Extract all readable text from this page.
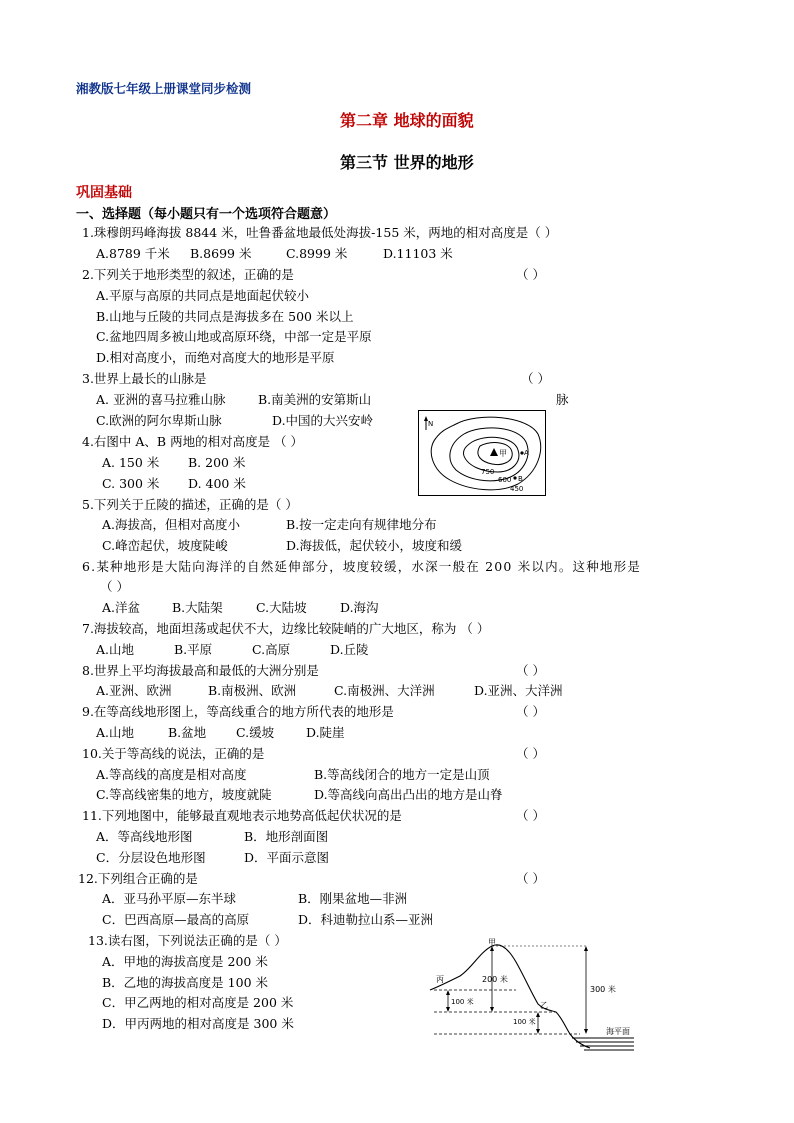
湘教版七年级上册课堂同步检测
第二章 地球的面貌
第三节 世界的地形
巩固基础
一、选择题（每小题只有一个选项符合题意）
1.珠穆朗玛峰海拔 8844 米，吐鲁番盆地最低处海拔-155 米，两地的相对高度是（ ）
A.8789 千米 B.8699 米	C.8999 米	D.11103 米
2.下列关于地形类型的叙述，正确的是	（ ）
A.平原与高原的共同点是地面起伏较小
B.山地与丘陵的共同点是海拔多在 500 米以上
C.盆地四周多被山地或高原环绕，中部一定是平原
D.相对高度小，而绝对高度大的地形是平原
3.世界上最长的山脉是	（ ）
A. 亚洲的喜马拉雅山脉	B.南美洲的安第斯山	脉
C.欧洲的阿尔卑斯山脉	D.中国的大兴安岭
4.右图中 A、B 两地的相对高度是 （ ）
A. 150 米 B. 200 米
C. 300 米 D. 400 米
N
甲 A
B
750
600
450
5.下列关于丘陵的描述，正确的是（ ）
A.海拔高，但相对高度小	B.按一定走向有规律地分布
C.峰峦起伏，坡度陡峻	D.海拔低，起伏较小，坡度和缓
6.某种地形是大陆向海洋的自然延伸部分，坡度较缓，水深一般在 200 米以内。这种地形是
（ ）
A.洋盆	B.大陆架	C.大陆坡	D.海沟
7.海拔较高，地面坦荡或起伏不大，边缘比较陡峭的广大地区，称为 （ ）
A.山地	B.平原	C.高原	D.丘陵
8.世界上平均海拔最高和最低的大洲分别是	（ ）
A.亚洲、欧洲	B.南极洲、欧洲	C.南极洲、大洋洲	D.亚洲、大洋洲
9.在等高线地形图上，等高线重合的地方所代表的地形是	（ ）
A.山地	B.盆地 C.缓坡	D.陡崖
10.关于等高线的说法，正确的是	（ ）
A.等高线的高度是相对高度	B.等高线闭合的地方一定是山顶
C.等高线密集的地方，坡度就陡	D.等高线向高出凸出的地方是山脊
11.下列地图中，能够最直观地表示地势高低起伏状况的是	（ ）
A．等高线地形图	B．地形剖面图
C．分层设色地形图	D．平面示意图
12.下列组合正确的是	（ ）
A．亚马孙平原—东半球	B．刚果盆地—非洲
C．巴西高原—最高的高原	D．科迪勒拉山系—亚洲
13.读右图，下列说法正确的是（ ）
A．甲地的海拔高度是 200 米
B．乙地的海拔高度是 100 米
C．甲乙两地的相对高度是 200 米
D．甲丙两地的相对高度是 300 米
甲
丙
乙
200 米
300 米
100 米
100 米
海平面
